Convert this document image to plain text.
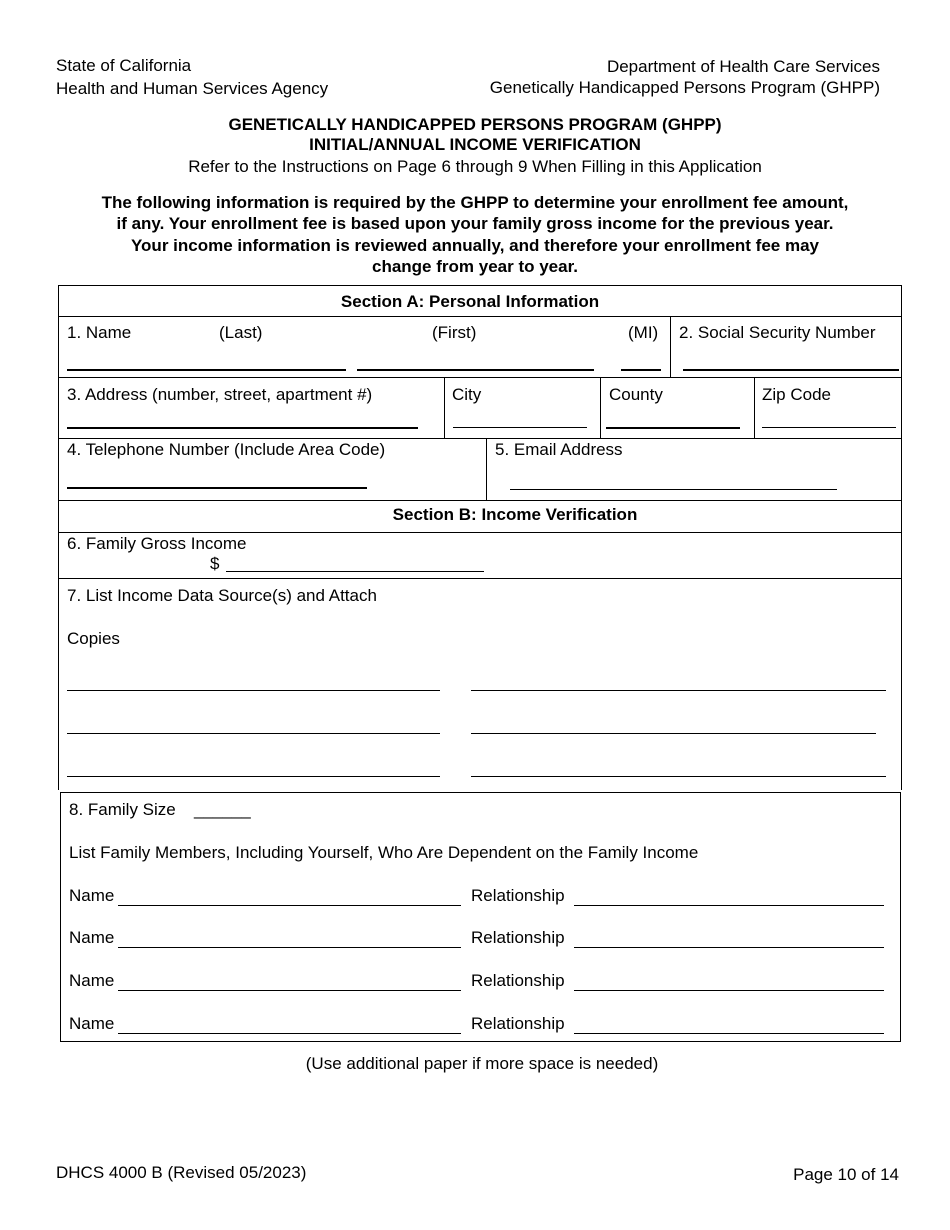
State of California
Health and Human Services Agency
Department of Health Care Services
Genetically Handicapped Persons Program (GHPP)
GENETICALLY HANDICAPPED PERSONS PROGRAM (GHPP)
INITIAL/ANNUAL INCOME VERIFICATION
Refer to the Instructions on Page 6 through 9 When Filling in this Application
The following information is required by the GHPP to determine your enrollment fee amount,
if any. Your enrollment fee is based upon your family gross income for the previous year.
Your income information is reviewed annually, and therefore your enrollment fee may
change from year to year.
Section A: Personal Information
1. Name	(Last)	(First)	(MI) 2. Social Security Number
3. Address (number, street, apartment #)	City	County	Zip Code
4. Telephone Number (Include Area Code)	5. Email Address
Section B: Income Verification
6. Family Gross Income
$
7. List Income Data Source(s) and Attach
Copies
8. Family Size ______
List Family Members, Including Yourself, Who Are Dependent on the Family Income
Name	Relationship
Name	Relationship
Name	Relationship
Name	Relationship
(Use additional paper if more space is needed)
DHCS 4000 B (Revised 05/2023)	Page 10 of 14
